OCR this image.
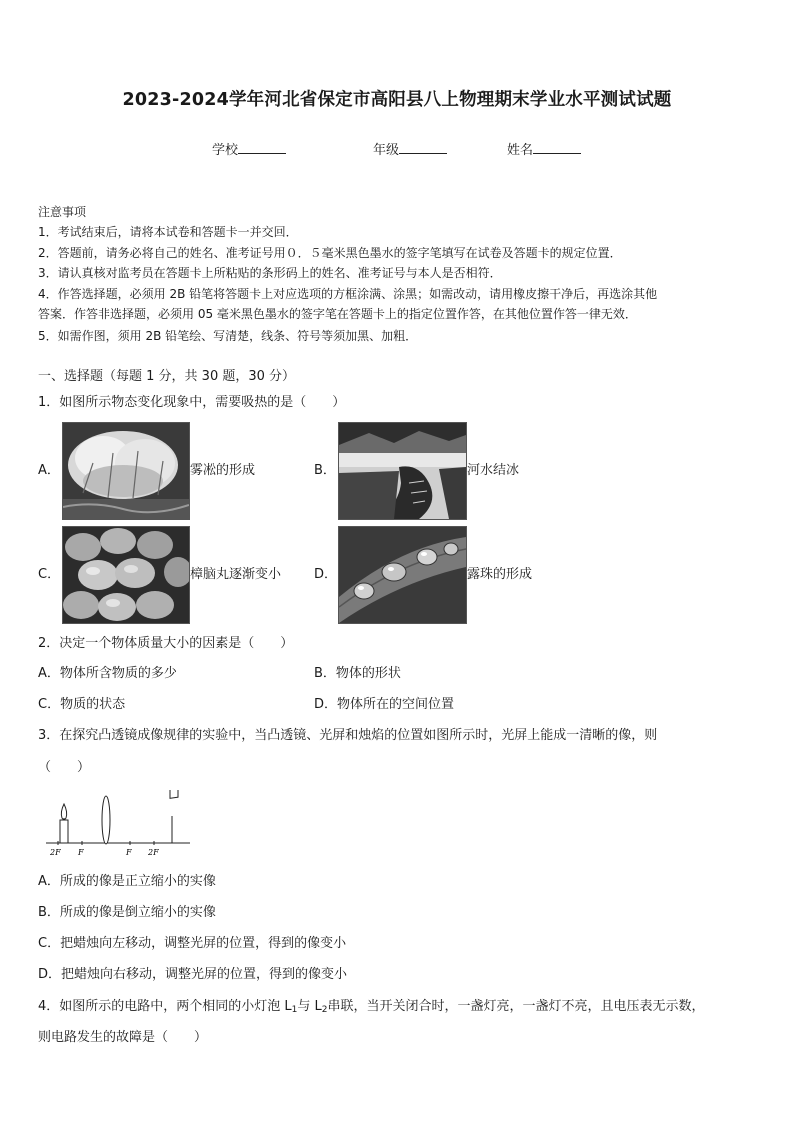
2023-2024学年河北省保定市高阳县八上物理期末学业水平测试试题
学校	年级	姓名
注意事项
1．考试结束后，请将本试卷和答题卡一并交回．
2．答题前，请务必将自己的姓名、准考证号用０．５毫米黑色墨水的签字笔填写在试卷及答题卡的规定位置．
3．请认真核对监考员在答题卡上所粘贴的条形码上的姓名、准考证号与本人是否相符．
4．作答选择题，必须用 2B 铅笔将答题卡上对应选项的方框涂满、涂黑；如需改动，请用橡皮擦干净后，再选涂其他
答案．作答非选择题，必须用 05 毫米黑色墨水的签字笔在答题卡上的指定位置作答，在其他位置作答一律无效．
5．如需作图，须用 2B 铅笔绘、写清楚，线条、符号等须加黑、加粗．
一、选择题（每题 1 分，共 30 题，30 分）
1．如图所示物态变化现象中，需要吸热的是（　　）
A．	雾凇的形成	B．	河水结冰
C．	樟脑丸逐渐变小	D．	露珠的形成
2．决定一个物体质量大小的因素是（　　）
A．物体所含物质的多少	B．物体的形状
C．物质的状态	D．物体所在的空间位置
3．在探究凸透镜成像规律的实验中，当凸透镜、光屏和烛焰的位置如图所示时，光屏上能成一清晰的像，则
（　　）
2F F	F 2F
A．所成的像是正立缩小的实像
B．所成的像是倒立缩小的实像
C．把蜡烛向左移动，调整光屏的位置，得到的像变小
D．把蜡烛向右移动，调整光屏的位置，得到的像变小
4．如图所示的电路中，两个相同的小灯泡 $L_1$与 $L_2$串联，当开关闭合时，一盏灯亮，一盏灯不亮，且电压表无示数，
则电路发生的故障是（　　）
